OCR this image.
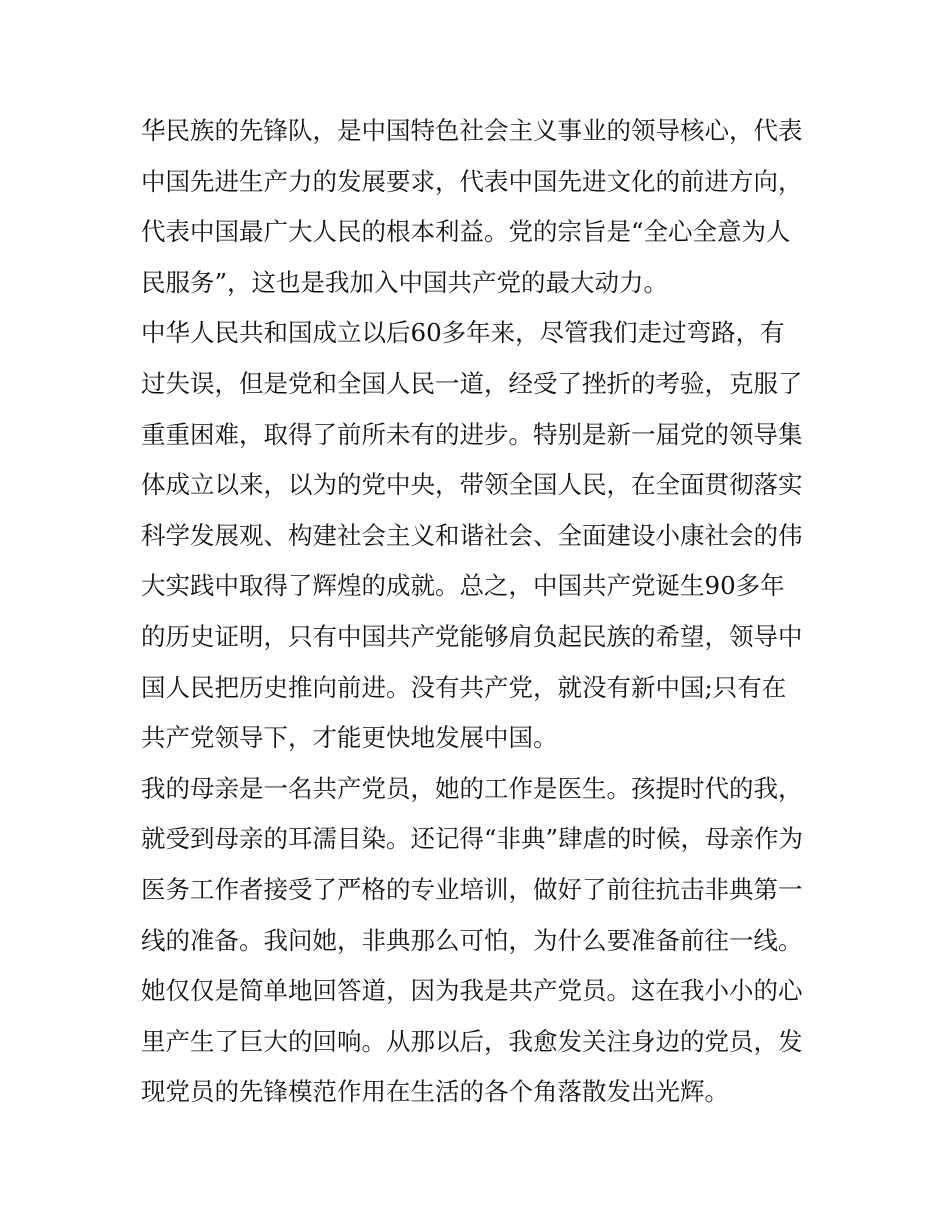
华民族的先锋队，是中国特色社会主义事业的领导核心，代表
中国先进生产力的发展要求，代表中国先进文化的前进方向，
代表中国最广大人民的根本利益。党的宗旨是“全心全意为人
民服务”，这也是我加入中国共产党的最大动力。
中华人民共和国成立以后60多年来，尽管我们走过弯路，有
过失误，但是党和全国人民一道，经受了挫折的考验，克服了
重重困难，取得了前所未有的进步。特别是新一届党的领导集
体成立以来，以为的党中央，带领全国人民，在全面贯彻落实
科学发展观、构建社会主义和谐社会、全面建设小康社会的伟
大实践中取得了辉煌的成就。总之，中国共产党诞生90多年
的历史证明，只有中国共产党能够肩负起民族的希望，领导中
国人民把历史推向前进。没有共产党，就没有新中国;只有在
共产党领导下，才能更快地发展中国。
我的母亲是一名共产党员，她的工作是医生。孩提时代的我，
就受到母亲的耳濡目染。还记得“非典”肆虐的时候，母亲作为
医务工作者接受了严格的专业培训，做好了前往抗击非典第一
线的准备。我问她，非典那么可怕，为什么要准备前往一线。
她仅仅是简单地回答道，因为我是共产党员。这在我小小的心
里产生了巨大的回响。从那以后，我愈发关注身边的党员，发
现党员的先锋模范作用在生活的各个角落散发出光辉。
